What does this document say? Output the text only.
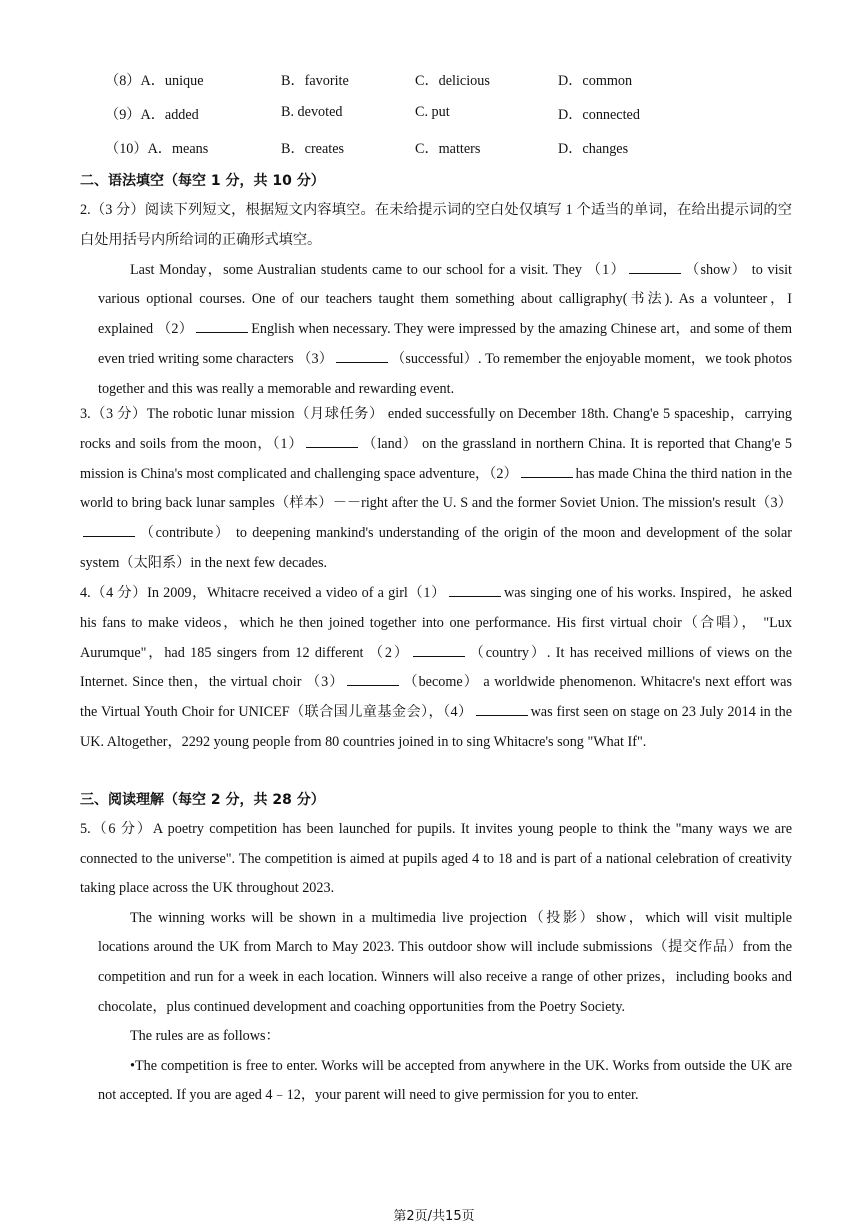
（8）A．unique	B．favorite	C．delicious	D．common
（9）A．added	B. devoted	C. put	D．connected
（10）A．means	B．creates	C．matters	D．changes
二、语法填空（每空 1 分，共 10 分）

2.（3 分）阅读下列短文，根据短文内容填空。在未给提示词的空白处仅填写 1 个适当的单词，在给出提示词的空白处用括号内所给词的正确形式填空。

Last Monday，some Australian students came to our school for a visit. They （1）	（show） to visit various optional courses. One of our teachers taught them something about calligraphy(书法). As a volunteer，I explained （2）	English when necessary. They were impressed by the amazing Chinese art，and some of them even tried writing some characters （3）	（successful）. To remember the enjoyable moment，we took photos together and this was really a memorable and rewarding event.

3.（3 分）The robotic lunar mission（月球任务） ended successfully on December 18th. Chang'e 5 spaceship，carrying rocks and soils from the moon，（1）	（land） on the grassland in northern China. It is reported that Chang'e 5 mission is China's most complicated and challenging space adventure，（2）	has made China the third nation in the world to bring back lunar samples（样本）－－right after the U. S and the former Soviet Union. The mission's result（3）（contribute） to deepening mankind's understanding of the origin of the moon and development of the solar system（太阳系）in the next few decades.

4.（4 分）In 2009，Whitacre received a video of a girl（1）	was singing one of his works. Inspired，he asked his fans to make videos，which he then joined together into one performance. His first virtual choir（合唱）， "Lux Aurumque"，had 185 singers from 12 different （2）	（country）. It has received millions of views on the Internet. Since then，the virtual choir （3）	（become） a worldwide phenomenon. Whitacre's next effort was the Virtual Youth Choir for UNICEF（联合国儿童基金会），（4）	was first seen on stage on 23 July 2014 in the UK. Altogether，2292 young people from 80 countries joined in to sing Whitacre's song "What If".

三、阅读理解（每空 2 分，共 28 分）

5.（6 分）A poetry competition has been launched for pupils. It invites young people to think the "many ways we are connected to the universe". The competition is aimed at pupils aged 4 to 18 and is part of a national celebration of creativity taking place across the UK throughout 2023.

The winning works will be shown in a multimedia live projection（投影）show，which will visit multiple locations around the UK from March to May 2023. This outdoor show will include submissions（提交作品）from the competition and run for a week in each location. Winners will also receive a range of other prizes，including books and chocolate，plus continued development and coaching opportunities from the Poetry Society.

The rules are as follows：

•The competition is free to enter. Works will be accepted from anywhere in the UK. Works from outside the UK are not accepted. If you are aged 4﹣12，your parent will need to give permission for you to enter.

第2页/共15页
